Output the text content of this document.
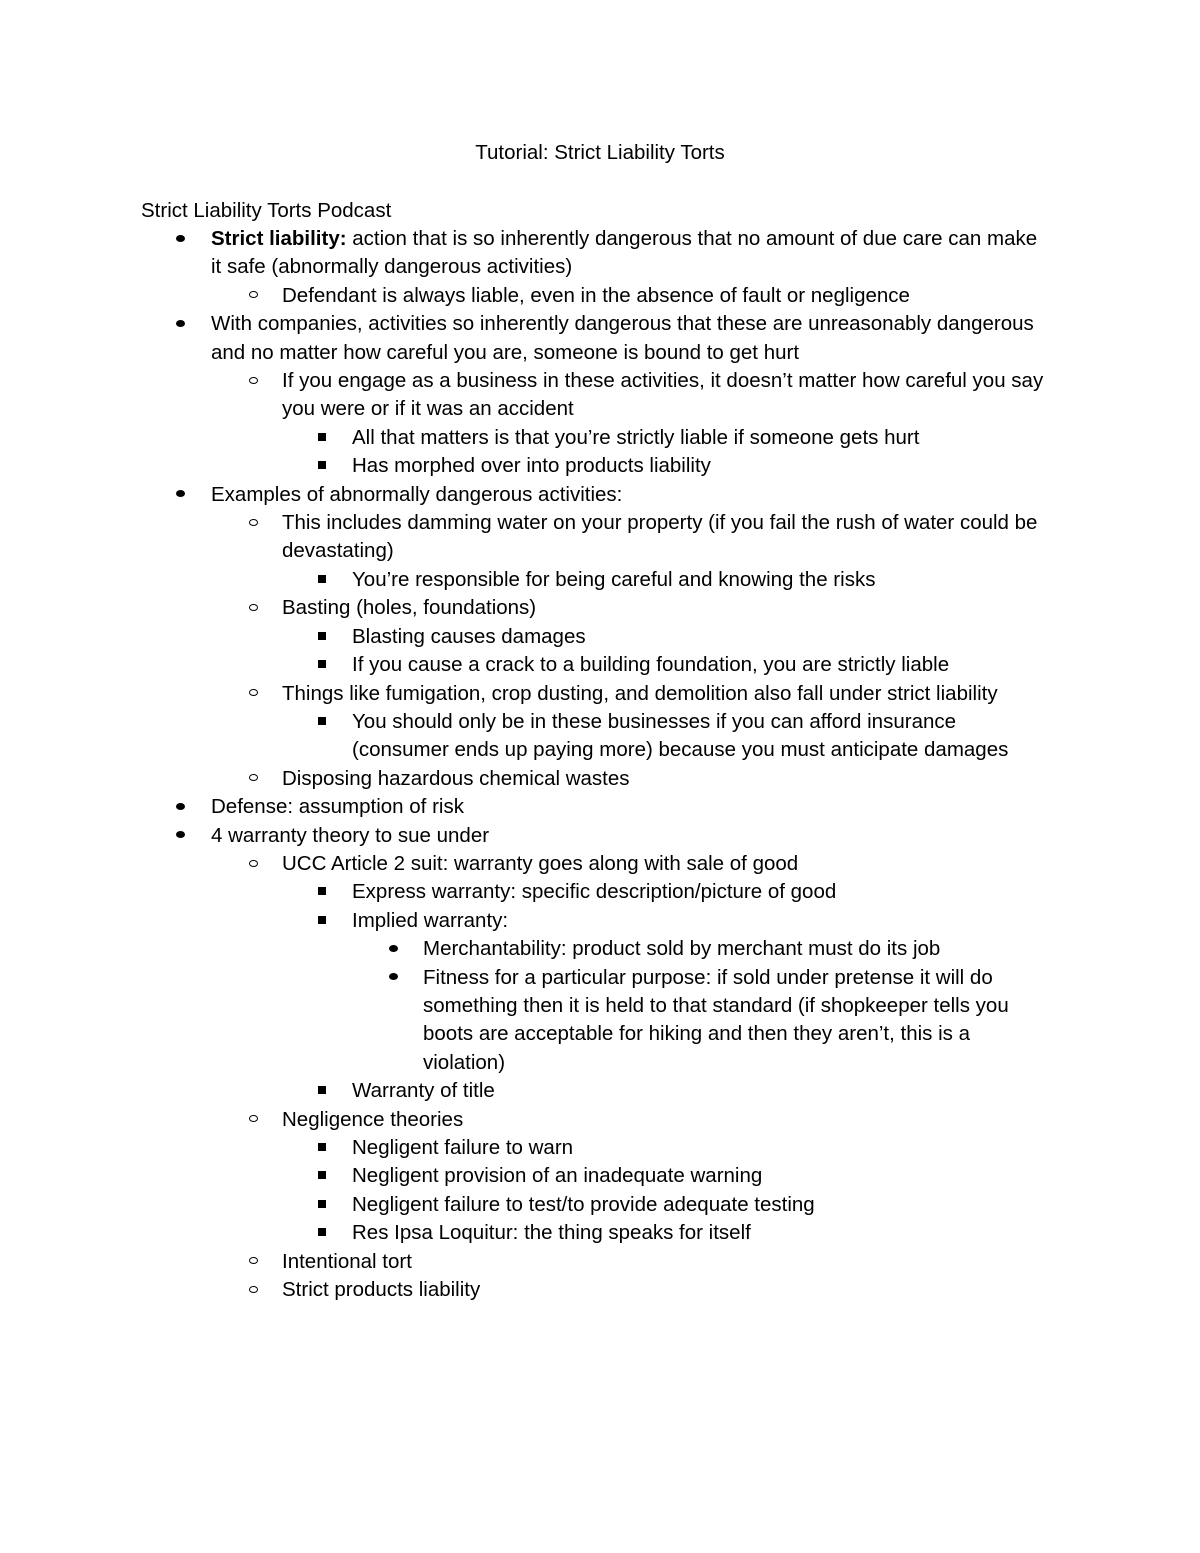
Tutorial: Strict Liability Torts
Strict Liability Torts Podcast
Strict liability: action that is so inherently dangerous that no amount of due care can make it safe (abnormally dangerous activities)
Defendant is always liable, even in the absence of fault or negligence
With companies, activities so inherently dangerous that these are unreasonably dangerous and no matter how careful you are, someone is bound to get hurt
If you engage as a business in these activities, it doesn’t matter how careful you say you were or if it was an accident
All that matters is that you’re strictly liable if someone gets hurt
Has morphed over into products liability
Examples of abnormally dangerous activities:
This includes damming water on your property (if you fail the rush of water could be devastating)
You’re responsible for being careful and knowing the risks
Basting (holes, foundations)
Blasting causes damages
If you cause a crack to a building foundation, you are strictly liable
Things like fumigation, crop dusting, and demolition also fall under strict liability
You should only be in these businesses if you can afford insurance (consumer ends up paying more) because you must anticipate damages
Disposing hazardous chemical wastes
Defense: assumption of risk
4 warranty theory to sue under
UCC Article 2 suit: warranty goes along with sale of good
Express warranty: specific description/picture of good
Implied warranty:
Merchantability: product sold by merchant must do its job
Fitness for a particular purpose: if sold under pretense it will do something then it is held to that standard (if shopkeeper tells you boots are acceptable for hiking and then they aren’t, this is a violation)
Warranty of title
Negligence theories
Negligent failure to warn
Negligent provision of an inadequate warning
Negligent failure to test/to provide adequate testing
Res Ipsa Loquitur: the thing speaks for itself
Intentional tort
Strict products liability
